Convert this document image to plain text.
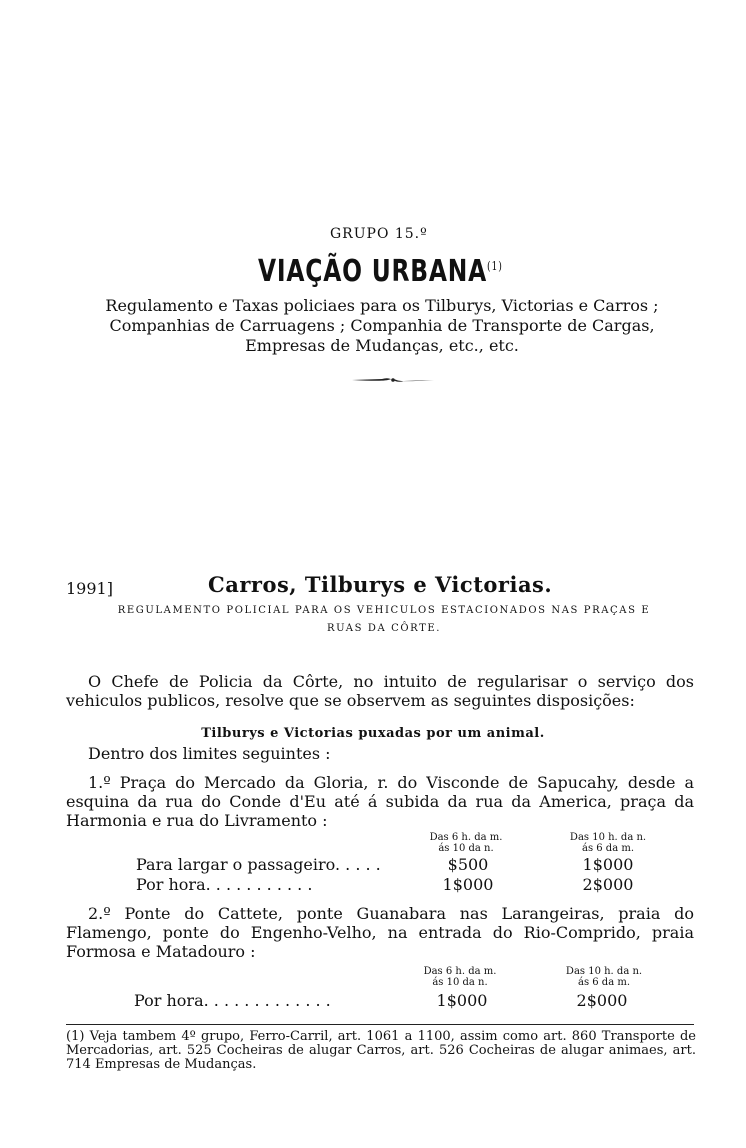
GRUPO 15.º
VIAÇÃO URBANA$^{(1)}$
Regulamento e Taxas policiaes para os Tilburys, Victorias e Carros ;
Companhias de Carruagens ; Companhia de Transporte de Cargas,
Empresas de Mudanças, etc., etc.
1991]	Carros, Tilburys e Victorias.
REGULAMENTO POLICIAL PARA OS VEHICULOS ESTACIONADOS NAS PRAÇAS E
RUAS DA CÔRTE.
O Chefe de Policia da Côrte, no intuito de regularisar o serviço dos vehiculos publicos, resolve que se observem as seguintes disposições:
Tilburys e Victorias puxadas por um animal.
Dentro dos limites seguintes :
1.º Praça do Mercado da Gloria, r. do Visconde de Sapucahy, desde a esquina da rua do Conde d'Eu até á subida da rua da America, praça da Harmonia e rua do Livramento :
Das 6 h. da m.
ás 10 da n.
Das 10 h. da n.
ás 6 da m.
Para largar o passageiro. . . . .	$500	1$000
Por hora. . . . . . . . . . .	1$000	2$000
2.º Ponte do Cattete, ponte Guanabara nas Larangeiras, praia do Flamengo, ponte do Engenho-Velho, na entrada do Rio-Comprido, praia Formosa e Matadouro :
Das 6 h. da m.
ás 10 da n.
Das 10 h. da n.
ás 6 da m.
Por hora. . . . . . . . . . . . .	1$000	2$000
(1) Veja tambem 4º grupo, Ferro-Carril, art. 1061 a 1100, assim como art. 860 Transporte de Mercadorias, art. 525 Cocheiras de alugar Carros, art. 526 Cocheiras de alugar animaes, art. 714 Empresas de Mudanças.
